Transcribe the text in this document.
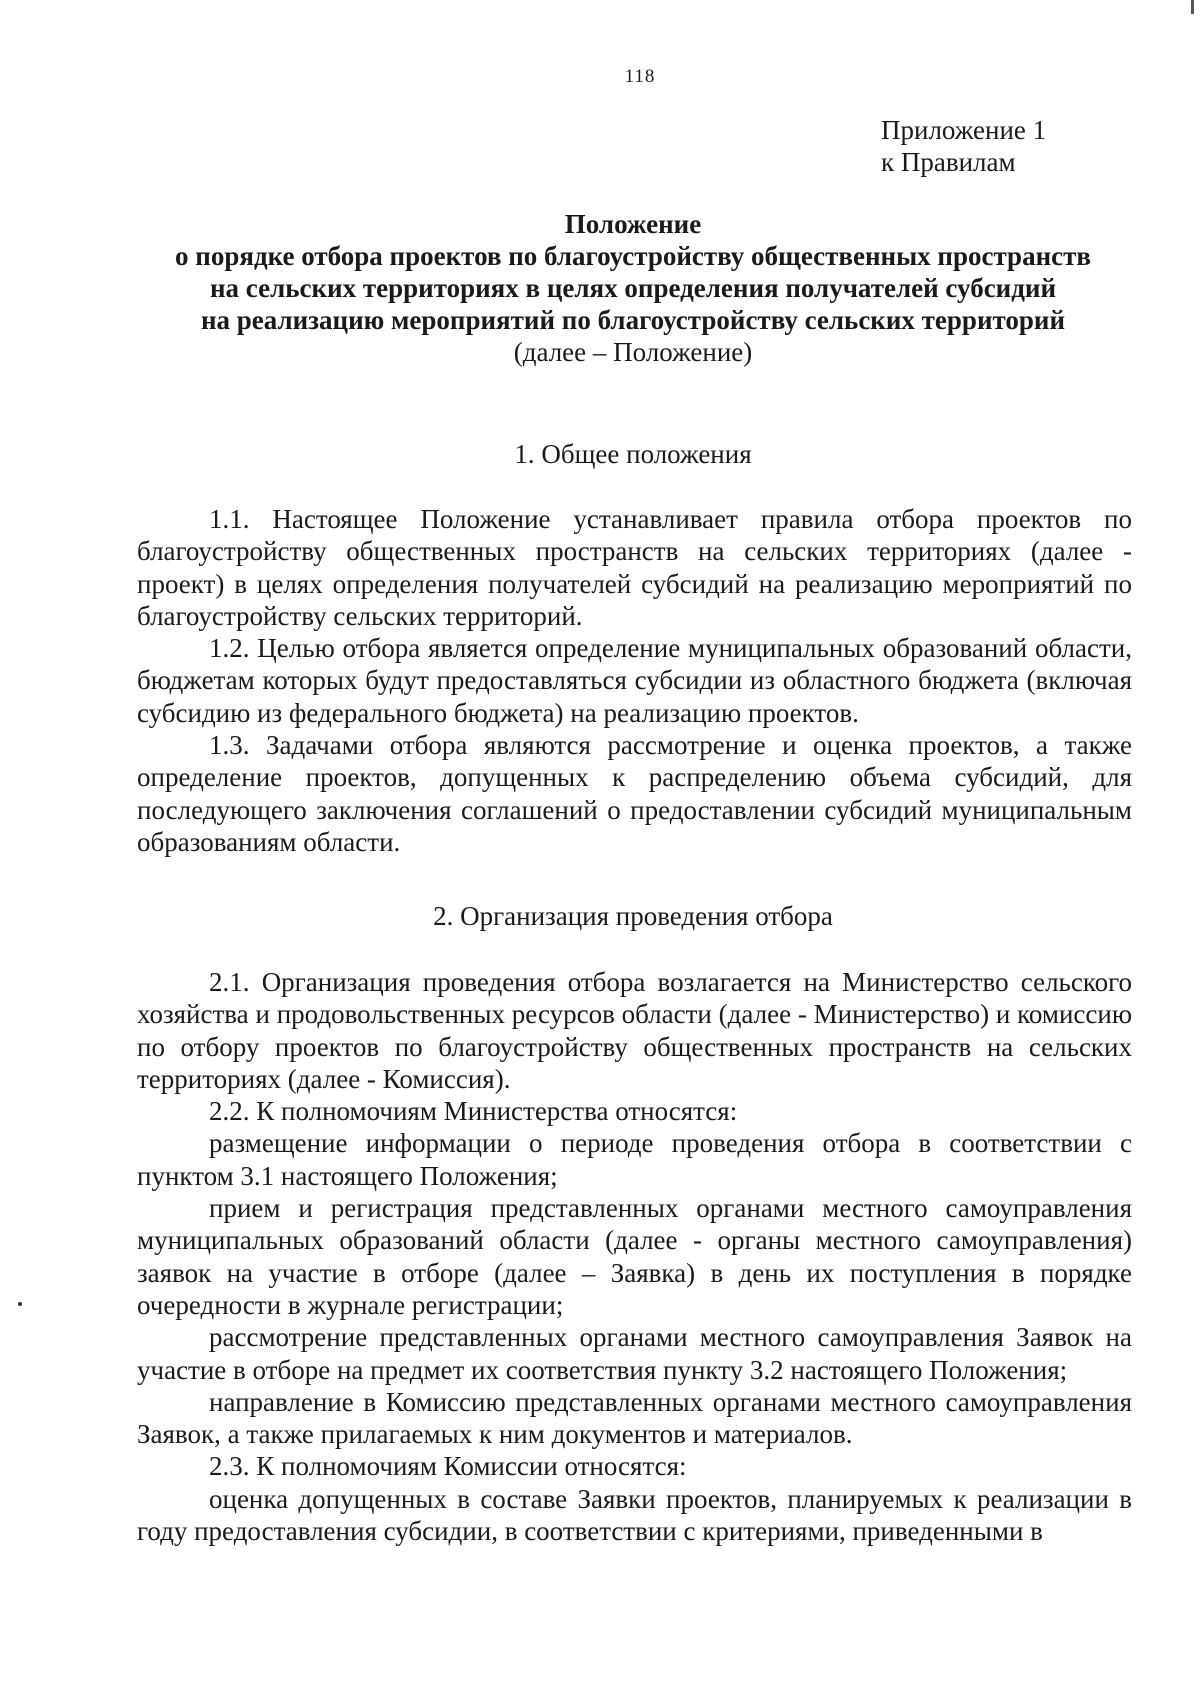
118
Приложение 1
к Правилам
Положение
о порядке отбора проектов по благоустройству общественных пространств
на сельских территориях в целях определения получателей субсидий
на реализацию мероприятий по благоустройству сельских территорий
(далее – Положение)
1. Общее положения

1.1. Настоящее Положение устанавливает правила отбора проектов по благоустройству общественных пространств на сельских территориях (далее - проект) в целях определения получателей субсидий на реализацию мероприятий по благоустройству сельских территорий.

1.2. Целью отбора является определение муниципальных образований области, бюджетам которых будут предоставляться субсидии из областного бюджета (включая субсидию из федерального бюджета) на реализацию проектов.

1.3. Задачами отбора являются рассмотрение и оценка проектов, а также определение проектов, допущенных к распределению объема субсидий, для последующего заключения соглашений о предоставлении субсидий муниципальным образованиям области.

2. Организация проведения отбора

2.1. Организация проведения отбора возлагается на Министерство сельского хозяйства и продовольственных ресурсов области (далее - Министерство) и комиссию по отбору проектов по благоустройству общественных пространств на сельских территориях (далее - Комиссия).

2.2. К полномочиям Министерства относятся:

размещение информации о периоде проведения отбора в соответствии с пунктом 3.1 настоящего Положения;

прием и регистрация представленных органами местного самоуправления муниципальных образований области (далее - органы местного самоуправления) заявок на участие в отборе (далее – Заявка) в день их поступления в порядке очередности в журнале регистрации;

рассмотрение представленных органами местного самоуправления Заявок на участие в отборе на предмет их соответствия пункту 3.2 настоящего Положения;

направление в Комиссию представленных органами местного самоуправления Заявок, а также прилагаемых к ним документов и материалов.

2.3. К полномочиям Комиссии относятся:

оценка допущенных в составе Заявки проектов, планируемых к реализации в году предоставления субсидии, в соответствии с критериями, приведенными в
